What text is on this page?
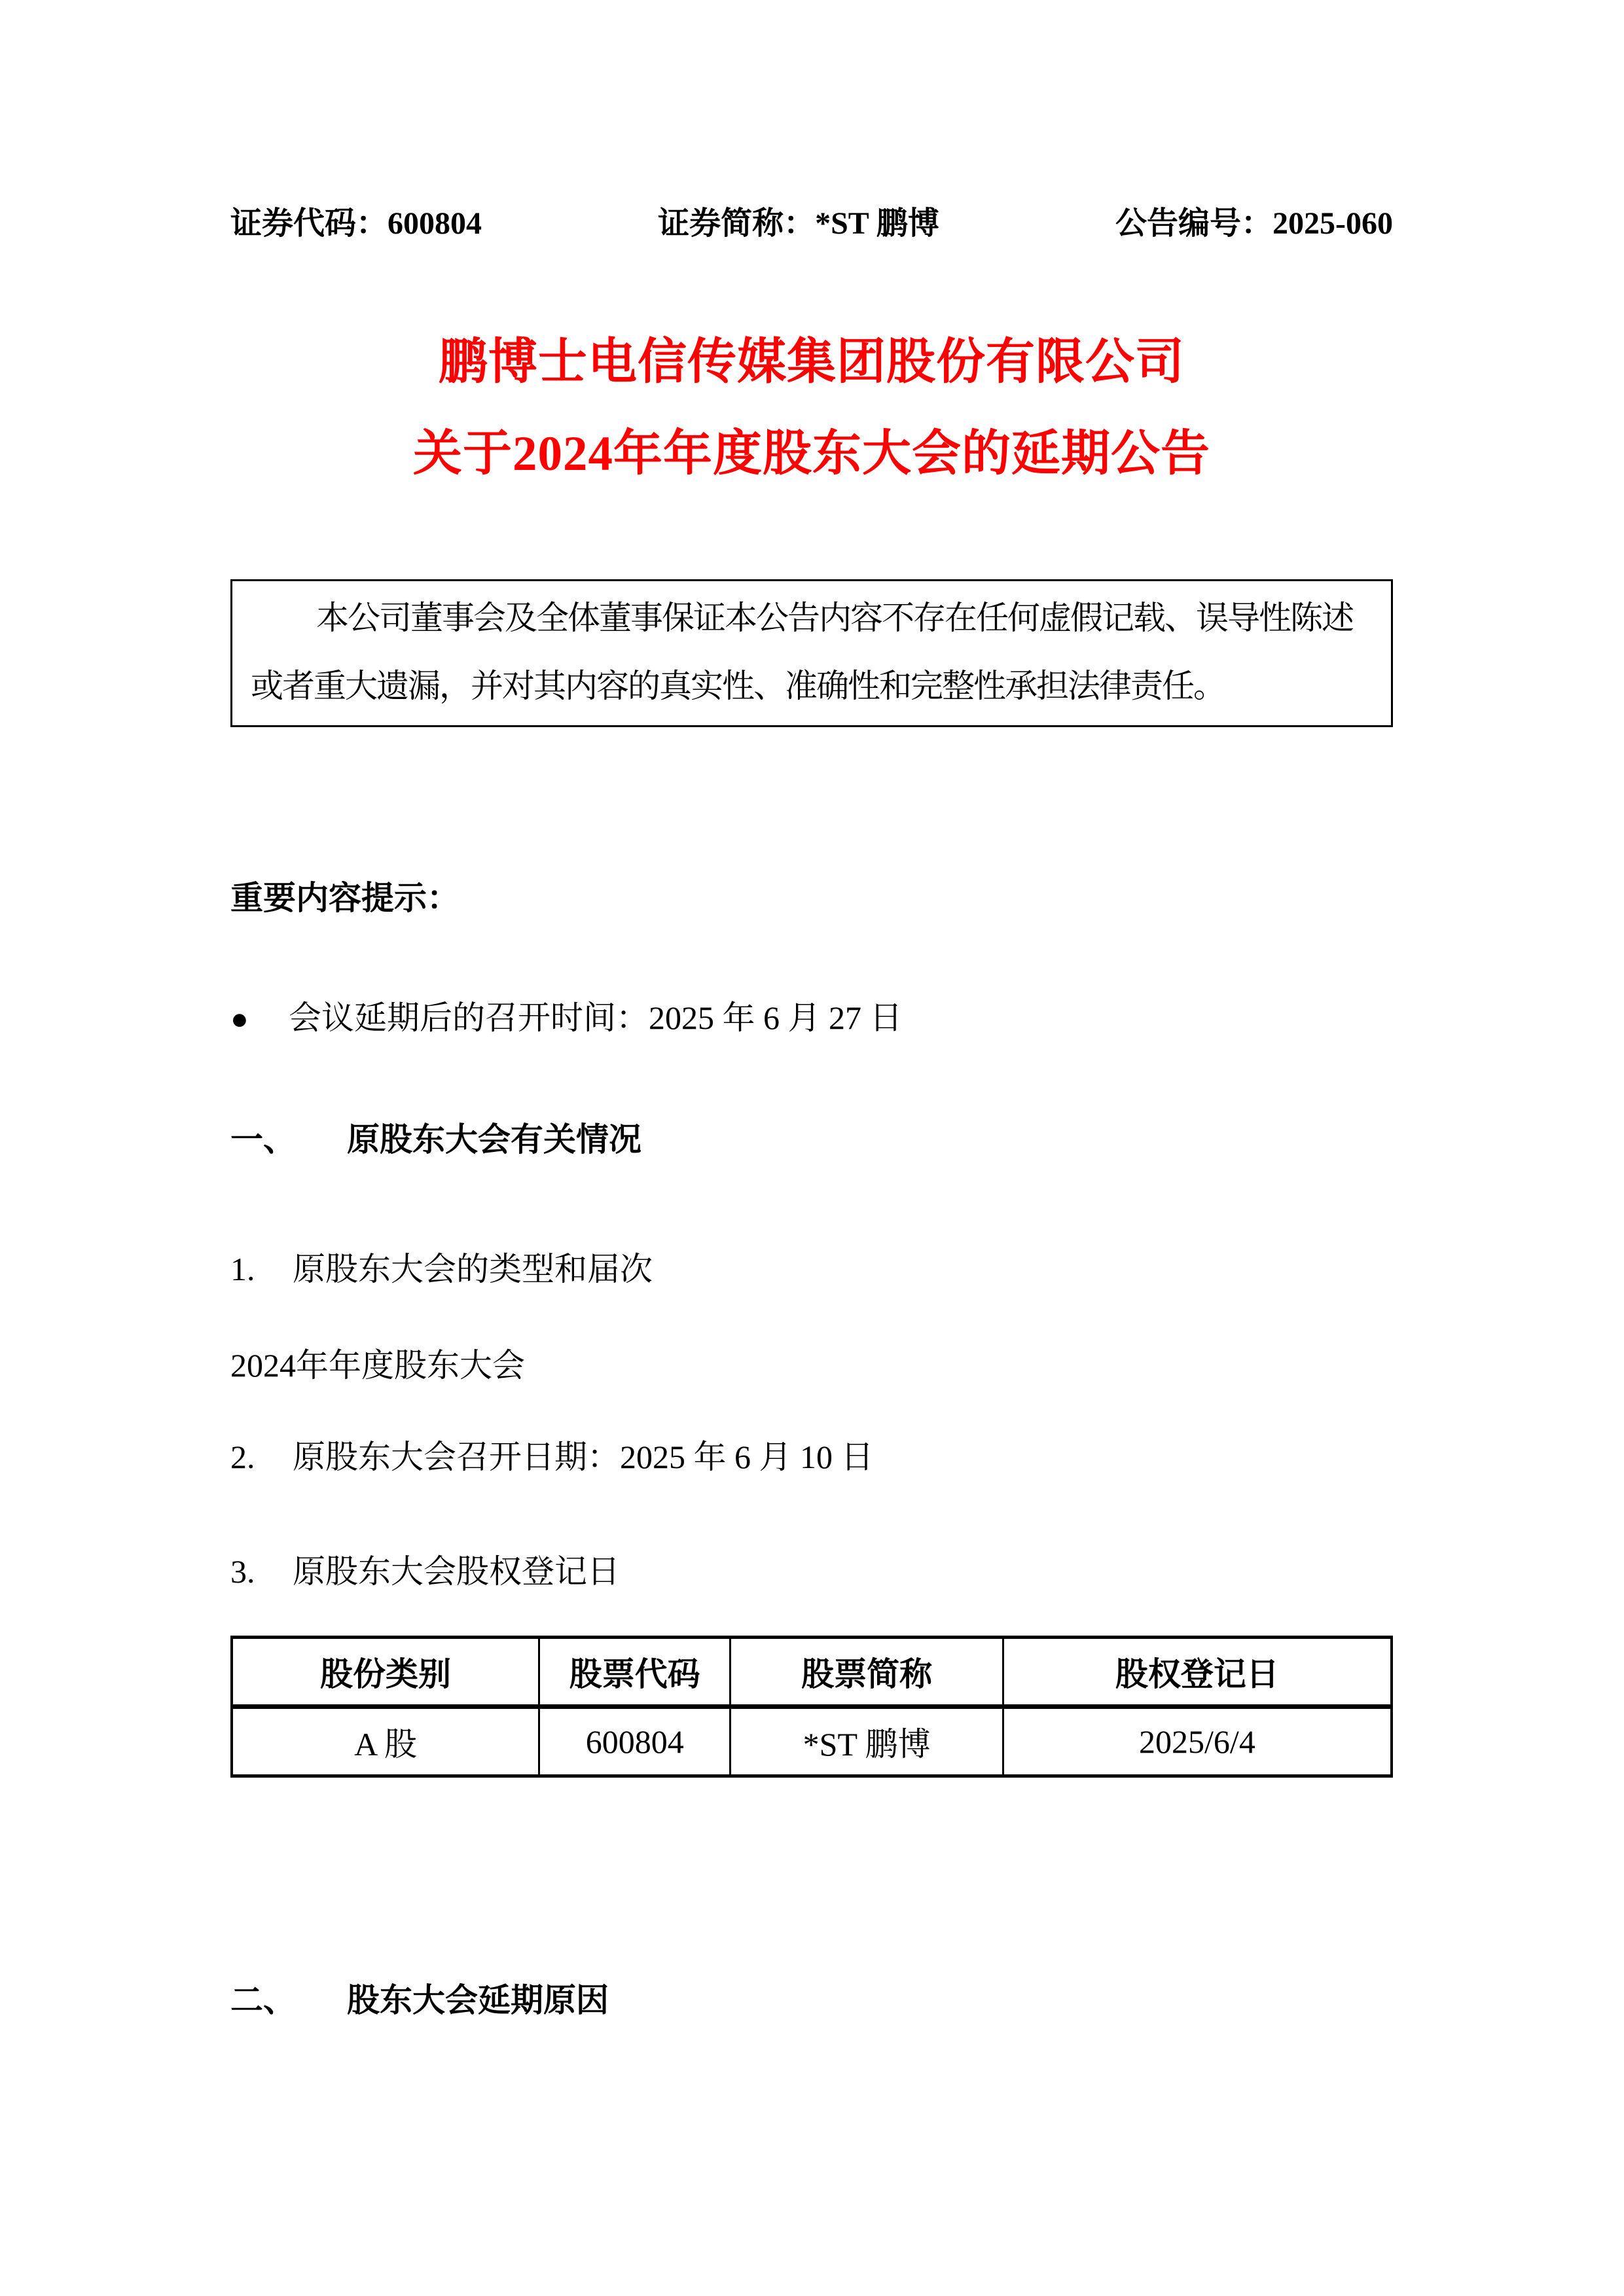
证券代码：600804	证券简称：*ST 鹏博	公告编号：2025-060
鹏博士电信传媒集团股份有限公司
关于2024年年度股东大会的延期公告
本公司董事会及全体董事保证本公告内容不存在任何虚假记载、误导性陈述
或者重大遗漏，并对其内容的真实性、准确性和完整性承担法律责任。

重要内容提示：

● 会议延期后的召开时间：2025 年 6 月 27 日

一、 原股东大会有关情况

1. 原股东大会的类型和届次

2024年年度股东大会

2. 原股东大会召开日期：2025 年 6 月 10 日

3. 原股东大会股权登记日

股份类别	股票代码	股票简称	股权登记日
A 股	600804	*ST 鹏博	2025/6/4

二、 股东大会延期原因
